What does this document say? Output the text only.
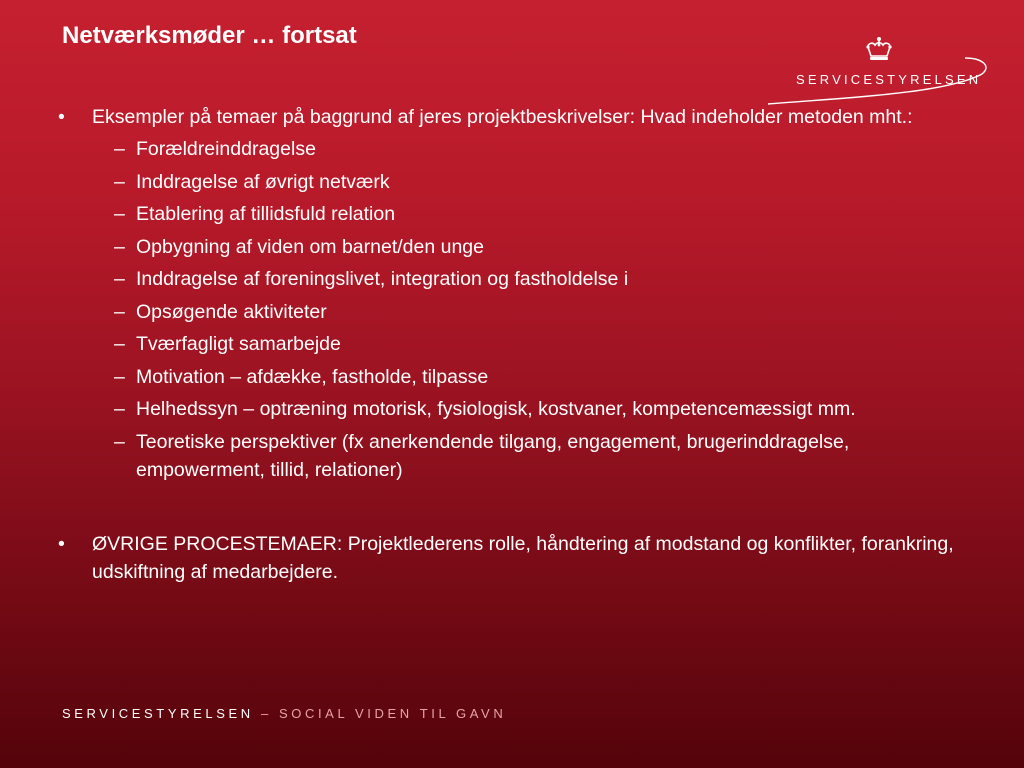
Netværksmøder … fortsat
SERVICESTYRELSEN
• Eksempler på temaer på baggrund af jeres projektbeskrivelser: Hvad indeholder metoden mht.:
– Forældreinddragelse
– Inddragelse af øvrigt netværk
– Etablering af tillidsfuld relation
– Opbygning af viden om barnet/den unge
– Inddragelse af foreningslivet, integration og fastholdelse i
– Opsøgende aktiviteter
– Tværfagligt samarbejde
– Motivation – afdække, fastholde, tilpasse
– Helhedssyn – optræning motorisk, fysiologisk, kostvaner, kompetencemæssigt mm.
– Teoretiske perspektiver (fx anerkendende tilgang, engagement, brugerinddragelse, empowerment, tillid, relationer)
• ØVRIGE PROCESTEMAER: Projektlederens rolle, håndtering af modstand og konflikter, forankring, udskiftning af medarbejdere.
SERVICESTYRELSEN – SOCIAL VIDEN TIL GAVN
